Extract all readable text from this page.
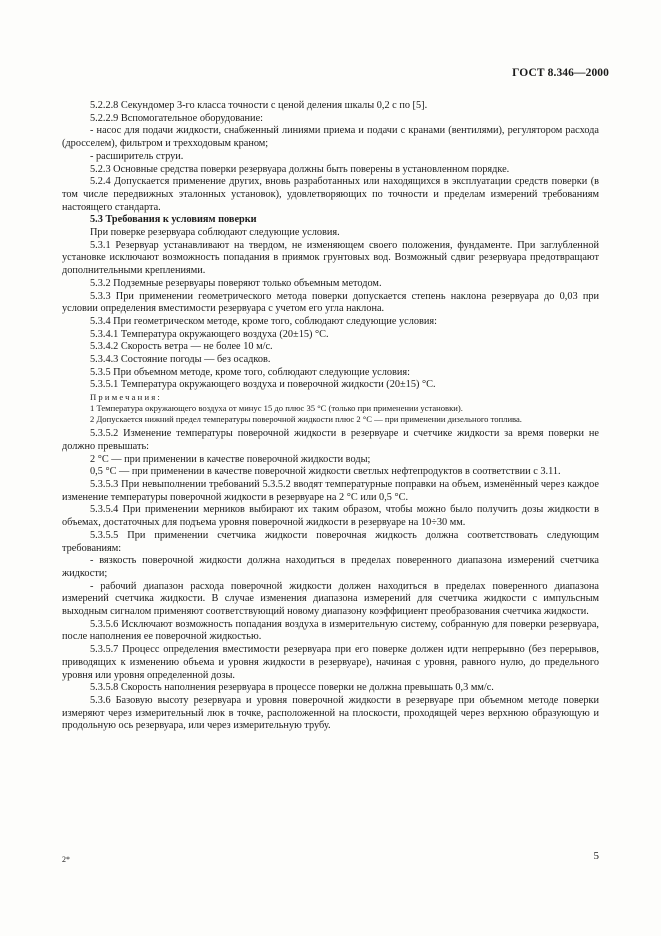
ГОСТ 8.346—2000

5.2.2.8 Секундомер 3-го класса точности с ценой деления шкалы 0,2 с по [5].

5.2.2.9 Вспомогательное оборудование:

- насос для подачи жидкости, снабженный линиями приема и подачи с кранами (вентилями), регулятором расхода (дросселем), фильтром и трехходовым краном;

- расширитель струи.

5.2.3 Основные средства поверки резервуара должны быть поверены в установленном порядке.

5.2.4 Допускается применение других, вновь разработанных или находящихся в эксплуатации средств поверки (в том числе передвижных эталонных установок), удовлетворяющих по точности и пределам измерений требованиям настоящего стандарта.

5.3 Требования к условиям поверки

При поверке резервуара соблюдают следующие условия.

5.3.1 Резервуар устанавливают на твердом, не изменяющем своего положения, фундаменте. При заглубленной установке исключают возможность попадания в приямок грунтовых вод. Возможный сдвиг резервуара предотвращают дополнительными креплениями.

5.3.2 Подземные резервуары поверяют только объемным методом.

5.3.3 При применении геометрического метода поверки допускается степень наклона резервуара до 0,03 при условии определения вместимости резервуара с учетом его угла наклона.

5.3.4 При геометрическом методе, кроме того, соблюдают следующие условия:

5.3.4.1 Температура окружающего воздуха (20±15) °С.

5.3.4.2 Скорость ветра — не более 10 м/с.

5.3.4.3 Состояние погоды — без осадков.

5.3.5 При объемном методе, кроме того, соблюдают следующие условия:

5.3.5.1 Температура окружающего воздуха и поверочной жидкости (20±15) °С.

Примечания:

1 Температура окружающего воздуха от минус 15 до плюс 35 °С (только при применении установки).

2 Допускается нижний предел температуры поверочной жидкости плюс 2 °С — при применении дизельного топлива.

5.3.5.2 Изменение температуры поверочной жидкости в резервуаре и счетчике жидкости за время поверки не должно превышать:

2 °С — при применении в качестве поверочной жидкости воды;

0,5 °С — при применении в качестве поверочной жидкости светлых нефтепродуктов в соответствии с 3.11.

5.3.5.3 При невыполнении требований 5.3.5.2 вводят температурные поправки на объем, изменённый через каждое изменение температуры поверочной жидкости в резервуаре на 2 °С или 0,5 °С.

5.3.5.4 При применении мерников выбирают их таким образом, чтобы можно было получить дозы жидкости в объемах, достаточных для подъема уровня поверочной жидкости в резервуаре на 10÷30 мм.

5.3.5.5 При применении счетчика жидкости поверочная жидкость должна соответствовать следующим требованиям:

- вязкость поверочной жидкости должна находиться в пределах поверенного диапазона измерений счетчика жидкости;

- рабочий диапазон расхода поверочной жидкости должен находиться в пределах поверенного диапазона измерений счетчика жидкости. В случае изменения диапазона измерений для счетчика жидкости с импульсным выходным сигналом применяют соответствующий новому диапазону коэффициент преобразования счетчика жидкости.

5.3.5.6 Исключают возможность попадания воздуха в измерительную систему, собранную для поверки резервуара, после наполнения ее поверочной жидкостью.

5.3.5.7 Процесс определения вместимости резервуара при его поверке должен идти непрерывно (без перерывов, приводящих к изменению объема и уровня жидкости в резервуаре), начиная с уровня, равного нулю, до предельного уровня или уровня определенной дозы.

5.3.5.8 Скорость наполнения резервуара в процессе поверки не должна превышать 0,3 мм/с.

5.3.6 Базовую высоту резервуара и уровня поверочной жидкости в резервуаре при объемном методе поверки измеряют через измерительный люк в точке, расположенной на плоскости, проходящей через верхнюю образующую и продольную ось резервуара, или через измерительную трубу.

2*	5
